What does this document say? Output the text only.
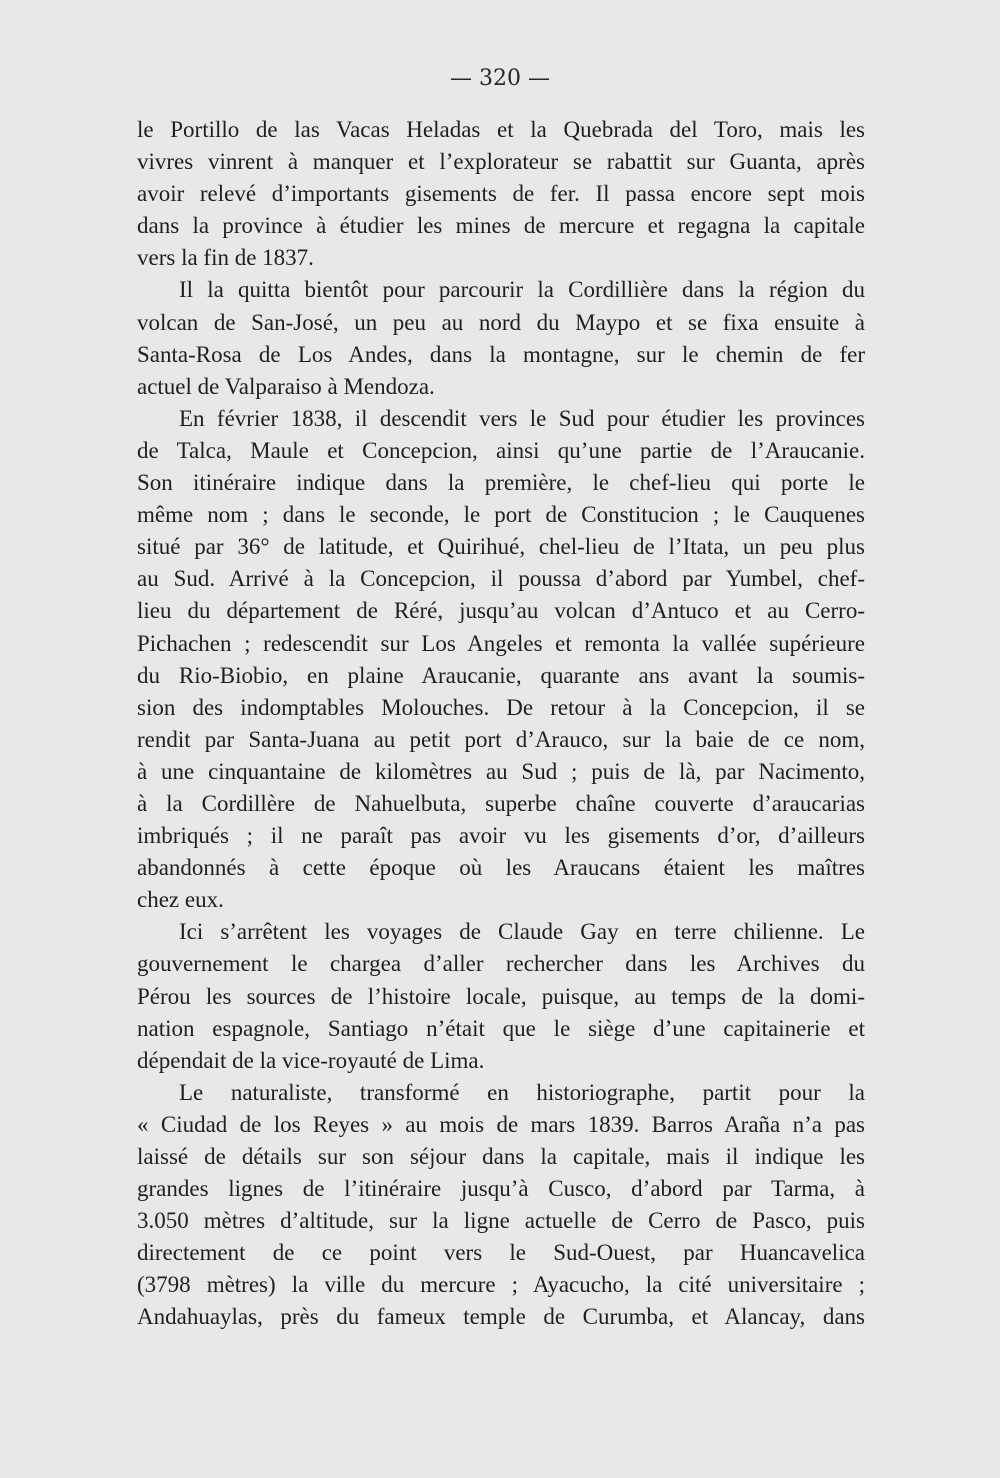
— 320 —
le Portillo de las Vacas Heladas et la Quebrada del Toro, mais les
vivres vinrent à manquer et l’explorateur se rabattit sur Guanta, après
avoir relevé d’importants gisements de fer. Il passa encore sept mois
dans la province à étudier les mines de mercure et regagna la capitale
vers la fin de 1837.
Il la quitta bientôt pour parcourir la Cordillière dans la région du
volcan de San-José, un peu au nord du Maypo et se fixa ensuite à
Santa-Rosa de Los Andes, dans la montagne, sur le chemin de fer
actuel de Valparaiso à Mendoza.
En février 1838, il descendit vers le Sud pour étudier les provinces
de Talca, Maule et Concepcion, ainsi qu’une partie de l’Araucanie.
Son itinéraire indique dans la première, le chef-lieu qui porte le
même nom ; dans le seconde, le port de Constitucion ; le Cauquenes
situé par 36° de latitude, et Quirihué, chel-lieu de l’Itata, un peu plus
au Sud. Arrivé à la Concepcion, il poussa d’abord par Yumbel, chef-
lieu du département de Réré, jusqu’au volcan d’Antuco et au Cerro-
Pichachen ; redescendit sur Los Angeles et remonta la vallée supérieure
du Rio-Biobio, en plaine Araucanie, quarante ans avant la soumis-
sion des indomptables Molouches. De retour à la Concepcion, il se
rendit par Santa-Juana au petit port d’Arauco, sur la baie de ce nom,
à une cinquantaine de kilomètres au Sud ; puis de là, par Nacimento,
à la Cordillère de Nahuelbuta, superbe chaîne couverte d’araucarias
imbriqués ; il ne paraît pas avoir vu les gisements d’or, d’ailleurs
abandonnés à cette époque où les Araucans étaient les maîtres
chez eux.
Ici s’arrêtent les voyages de Claude Gay en terre chilienne. Le
gouvernement le chargea d’aller rechercher dans les Archives du
Pérou les sources de l’histoire locale, puisque, au temps de la domi-
nation espagnole, Santiago n’était que le siège d’une capitainerie et
dépendait de la vice-royauté de Lima.
Le naturaliste, transformé en historiographe, partit pour la
« Ciudad de los Reyes » au mois de mars 1839. Barros Araña n’a pas
laissé de détails sur son séjour dans la capitale, mais il indique les
grandes lignes de l’itinéraire jusqu’à Cusco, d’abord par Tarma, à
3.050 mètres d’altitude, sur la ligne actuelle de Cerro de Pasco, puis
directement de ce point vers le Sud-Ouest, par Huancavelica
(3798 mètres) la ville du mercure ; Ayacucho, la cité universitaire ;
Andahuaylas, près du fameux temple de Curumba, et Alancay, dans
